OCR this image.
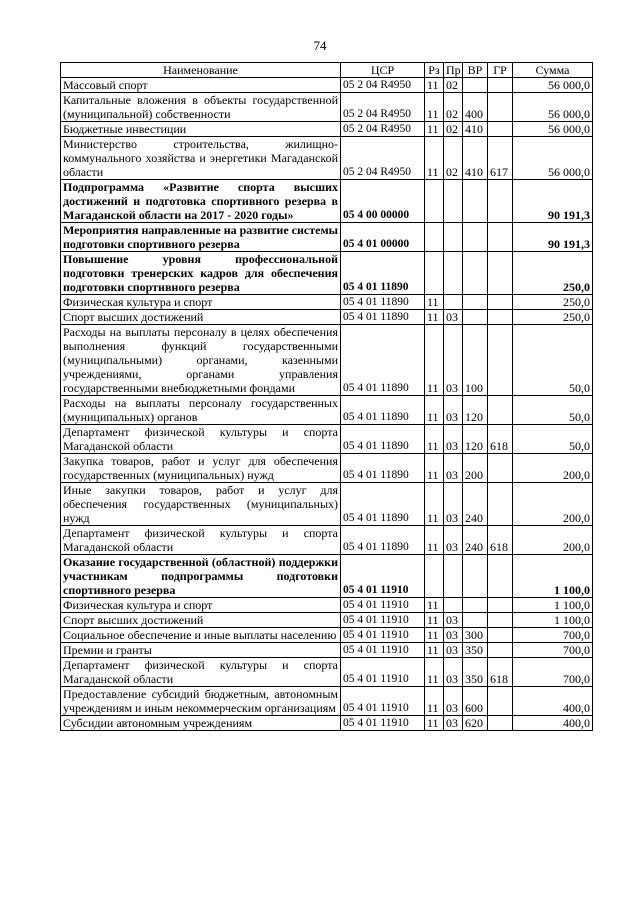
74
Наименование	ЦСР	Рз	Пр	ВР	ГР	Сумма
Массовый спорт	05 2 04 R4950	11	02			56 000,0
Капитальные вложения в объекты государственной (муниципальной) собственности	05 2 04 R4950	11	02	400		56 000,0
Бюджетные инвестиции	05 2 04 R4950	11	02	410		56 000,0
Министерство строительства, жилищно-коммунального хозяйства и энергетики Магаданской области	05 2 04 R4950	11	02	410	617	56 000,0
Подпрограмма «Развитие спорта высших достижений и подготовка спортивного резерва в Магаданской области на 2017 - 2020 годы»	05 4 00 00000					90 191,3
Мероприятия направленные на развитие системы подготовки спортивного резерва	05 4 01 00000					90 191,3
Повышение уровня профессиональной подготовки тренерских кадров для обеспечения подготовки спортивного резерва	05 4 01 11890					250,0
Физическая культура и спорт	05 4 01 11890	11				250,0
Спорт высших достижений	05 4 01 11890	11	03			250,0
Расходы на выплаты персоналу в целях обеспечения выполнения функций государственными (муниципальными) органами, казенными учреждениями, органами управления государственными внебюджетными фондами	05 4 01 11890	11	03	100		50,0
Расходы на выплаты персоналу государственных (муниципальных) органов	05 4 01 11890	11	03	120		50,0
Департамент физической культуры и спорта Магаданской области	05 4 01 11890	11	03	120	618	50,0
Закупка товаров, работ и услуг для обеспечения государственных (муниципальных) нужд	05 4 01 11890	11	03	200		200,0
Иные закупки товаров, работ и услуг для обеспечения государственных (муниципальных) нужд	05 4 01 11890	11	03	240		200,0
Департамент физической культуры и спорта Магаданской области	05 4 01 11890	11	03	240	618	200,0
Оказание государственной (областной) поддержки участникам подпрограммы подготовки спортивного резерва	05 4 01 11910					1 100,0
Физическая культура и спорт	05 4 01 11910	11				1 100,0
Спорт высших достижений	05 4 01 11910	11	03			1 100,0
Социальное обеспечение и иные выплаты населению	05 4 01 11910	11	03	300		700,0
Премии и гранты	05 4 01 11910	11	03	350		700,0
Департамент физической культуры и спорта Магаданской области	05 4 01 11910	11	03	350	618	700,0
Предоставление субсидий бюджетным, автономным учреждениям и иным некоммерческим организациям	05 4 01 11910	11	03	600		400,0
Субсидии автономным учреждениям	05 4 01 11910	11	03	620		400,0
